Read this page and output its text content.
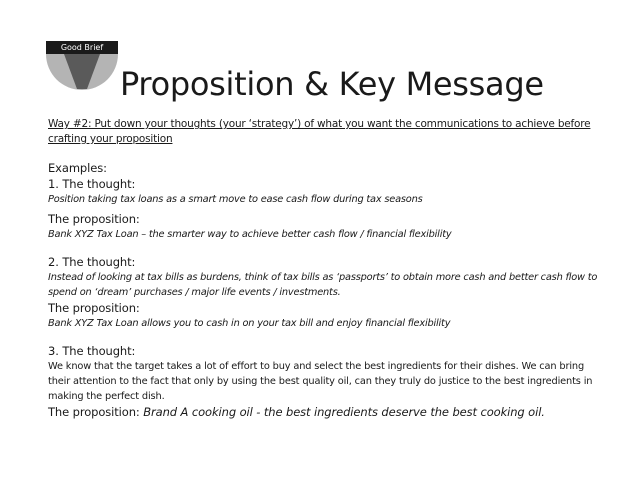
Good Brief
Proposition & Key Message
Way #2: Put down your thoughts (your ‘strategy’) of what you want the communications to achieve before crafting your proposition
Examples:
1. The thought:
Position taking tax loans as a smart move to ease cash flow during tax seasons
The proposition:
Bank XYZ Tax Loan – the smarter way to achieve better cash flow / financial flexibility
2. The thought:
Instead of looking at tax bills as burdens, think of tax bills as ‘passports’ to obtain more cash and better cash flow to spend on ‘dream’ purchases / major life events / investments.
The proposition:
Bank XYZ Tax Loan allows you to cash in on your tax bill and enjoy financial flexibility
3. The thought:
We know that the target takes a lot of effort to buy and select the best ingredients for their dishes. We can bring their attention to the fact that only by using the best quality oil, can they truly do justice to the best ingredients in making the perfect dish.
The proposition: Brand A cooking oil - the best ingredients deserve the best cooking oil.
